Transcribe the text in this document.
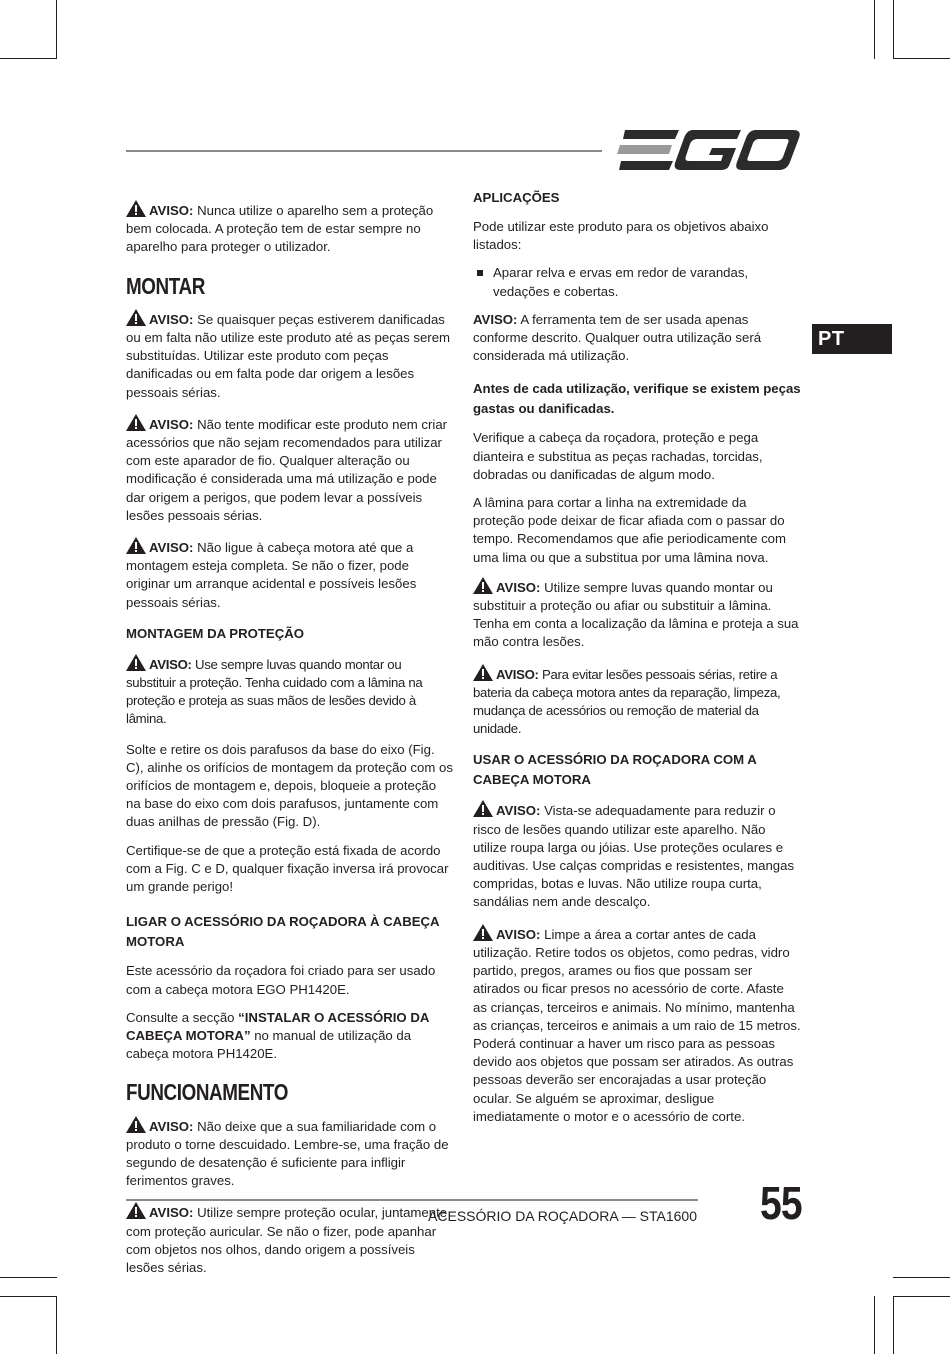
PT

AVISO: Nunca utilize o aparelho sem a proteção bem colocada. A proteção tem de estar sempre no aparelho para proteger o utilizador.

MONTAR

AVISO: Se quaisquer peças estiverem danificadas ou em falta não utilize este produto até as peças serem substituídas. Utilizar este produto com peças danificadas ou em falta pode dar origem a lesões pessoais sérias.

AVISO: Não tente modificar este produto nem criar acessórios que não sejam recomendados para utilizar com este aparador de fio. Qualquer alteração ou modificação é considerada uma má utilização e pode dar origem a perigos, que podem levar a possíveis lesões pessoais sérias.

AVISO: Não ligue à cabeça motora até que a montagem esteja completa. Se não o fizer, pode originar um arranque acidental e possíveis lesões pessoais sérias.

MONTAGEM DA PROTEÇÃO

AVISO: Use sempre luvas quando montar ou substituir a proteção. Tenha cuidado com a lâmina na proteção e proteja as suas mãos de lesões devido à lâmina.

Solte e retire os dois parafusos da base do eixo (Fig. C), alinhe os orifícios de montagem da proteção com os orifícios de montagem e, depois, bloqueie a proteção na base do eixo com dois parafusos, juntamente com duas anilhas de pressão (Fig. D).

Certifique-se de que a proteção está fixada de acordo com a Fig. C e D, qualquer fixação inversa irá provocar um grande perigo!

LIGAR O ACESSÓRIO DA ROÇADORA À CABEÇA MOTORA

Este acessório da roçadora foi criado para ser usado com a cabeça motora EGO PH1420E.

Consulte a secção “INSTALAR O ACESSÓRIO DA CABEÇA MOTORA” no manual de utilização da cabeça motora PH1420E.

FUNCIONAMENTO

AVISO: Não deixe que a sua familiaridade com o produto o torne descuidado. Lembre-se, uma fração de segundo de desatenção é suficiente para infligir ferimentos graves.

AVISO: Utilize sempre proteção ocular, juntamente com proteção auricular. Se não o fizer, pode apanhar com objetos nos olhos, dando origem a possíveis lesões sérias.

APLICAÇÕES

Pode utilizar este produto para os objetivos abaixo listados:

Aparar relva e ervas em redor de varandas, vedações e cobertas.

AVISO: A ferramenta tem de ser usada apenas conforme descrito. Qualquer outra utilização será considerada má utilização.

Antes de cada utilização, verifique se existem peças gastas ou danificadas.

Verifique a cabeça da roçadora, proteção e pega dianteira e substitua as peças rachadas, torcidas, dobradas ou danificadas de algum modo.

A lâmina para cortar a linha na extremidade da proteção pode deixar de ficar afiada com o passar do tempo. Recomendamos que afie periodicamente com uma lima ou que a substitua por uma lâmina nova.

AVISO: Utilize sempre luvas quando montar ou substituir a proteção ou afiar ou substituir a lâmina. Tenha em conta a localização da lâmina e proteja a sua mão contra lesões.

AVISO: Para evitar lesões pessoais sérias, retire a bateria da cabeça motora antes da reparação, limpeza, mudança de acessórios ou remoção de material da unidade.

USAR O ACESSÓRIO DA ROÇADORA COM A CABEÇA MOTORA

AVISO: Vista-se adequadamente para reduzir o risco de lesões quando utilizar este aparelho. Não utilize roupa larga ou jóias. Use proteções oculares e auditivas. Use calças compridas e resistentes, mangas compridas, botas e luvas. Não utilize roupa curta, sandálias nem ande descalço.

AVISO: Limpe a área a cortar antes de cada utilização. Retire todos os objetos, como pedras, vidro partido, pregos, arames ou fios que possam ser atirados ou ficar presos no acessório de corte. Afaste as crianças, terceiros e animais. No mínimo, mantenha as crianças, terceiros e animais a um raio de 15 metros. Poderá continuar a haver um risco para as pessoas devido aos objetos que possam ser atirados. As outras pessoas deverão ser encorajadas a usar proteção ocular. Se alguém se aproximar, desligue imediatamente o motor e o acessório de corte.

ACESSÓRIO DA ROÇADORA — STA1600 55
